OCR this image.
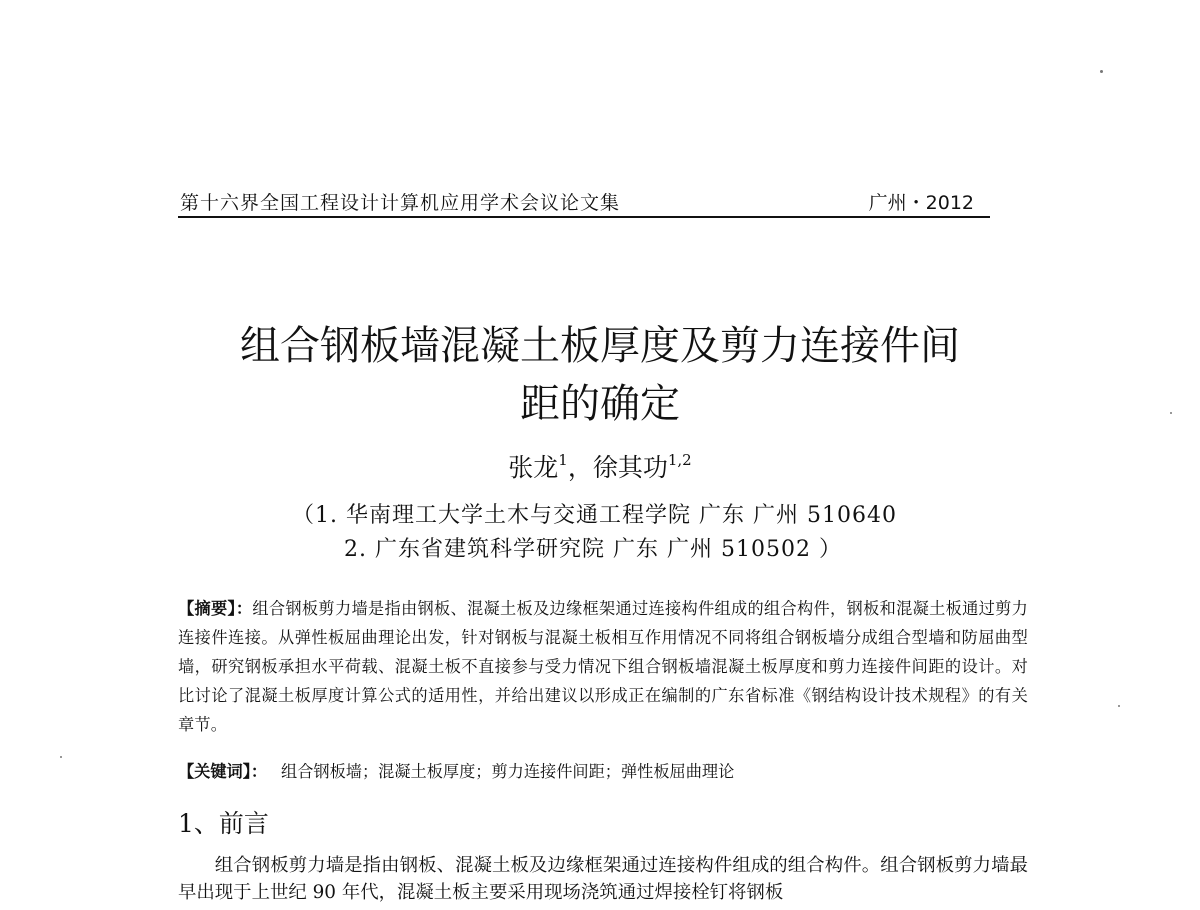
第十六界全国工程设计计算机应用学术会议论文集	广州・2012
组合钢板墙混凝土板厚度及剪力连接件间
距的确定
张龙$^1$，徐其功$^{1,2}$
（1. 华南理工大学土木与交通工程学院 广东 广州 510640
2. 广东省建筑科学研究院 广东 广州 510502 ）

【摘要】：组合钢板剪力墙是指由钢板、混凝土板及边缘框架通过连接构件组成的组合构件，钢板和混凝土板通过剪力连接件连接。从弹性板屈曲理论出发，针对钢板与混凝土板相互作用情况不同将组合钢板墙分成组合型墙和防屈曲型墙，研究钢板承担水平荷载、混凝土板不直接参与受力情况下组合钢板墙混凝土板厚度和剪力连接件间距的设计。对比讨论了混凝土板厚度计算公式的适用性，并给出建议以形成正在编制的广东省标准《钢结构设计技术规程》的有关章节。

【关键词】： 组合钢板墙；混凝土板厚度；剪力连接件间距；弹性板屈曲理论

1、前言

组合钢板剪力墙是指由钢板、混凝土板及边缘框架通过连接构件组成的组合构件。组合钢板剪力墙最早出现于上世纪 90 年代，混凝土板主要采用现场浇筑通过焊接栓钉将钢板
